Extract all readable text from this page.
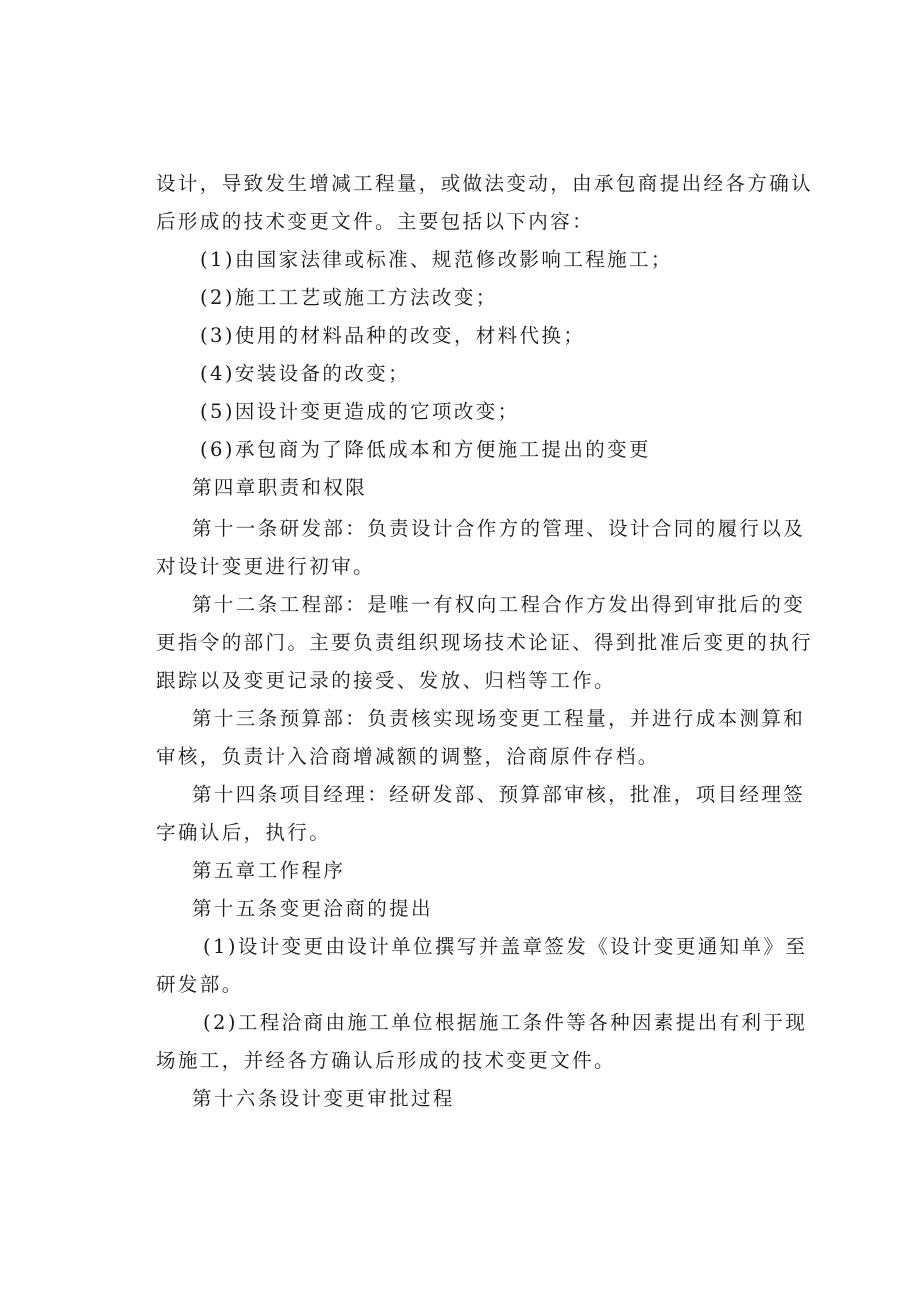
设计，导致发生增减工程量，或做法变动，由承包商提出经各方确认
后形成的技术变更文件。主要包括以下内容：
(1)由国家法律或标准、规范修改影响工程施工；
(2)施工工艺或施工方法改变；
(3)使用的材料品种的改变，材料代换；
(4)安装设备的改变；
(5)因设计变更造成的它项改变；
(6)承包商为了降低成本和方便施工提出的变更
第四章职责和权限
第十一条研发部：负责设计合作方的管理、设计合同的履行以及
对设计变更进行初审。
第十二条工程部：是唯一有权向工程合作方发出得到审批后的变
更指令的部门。主要负责组织现场技术论证、得到批准后变更的执行
跟踪以及变更记录的接受、发放、归档等工作。
第十三条预算部：负责核实现场变更工程量，并进行成本测算和
审核，负责计入洽商增减额的调整，洽商原件存档。
第十四条项目经理：经研发部、预算部审核，批准，项目经理签
字确认后，执行。
第五章工作程序
第十五条变更洽商的提出
(1)设计变更由设计单位撰写并盖章签发《设计变更通知单》至
研发部。
(2)工程洽商由施工单位根据施工条件等各种因素提出有利于现
场施工，并经各方确认后形成的技术变更文件。
第十六条设计变更审批过程
